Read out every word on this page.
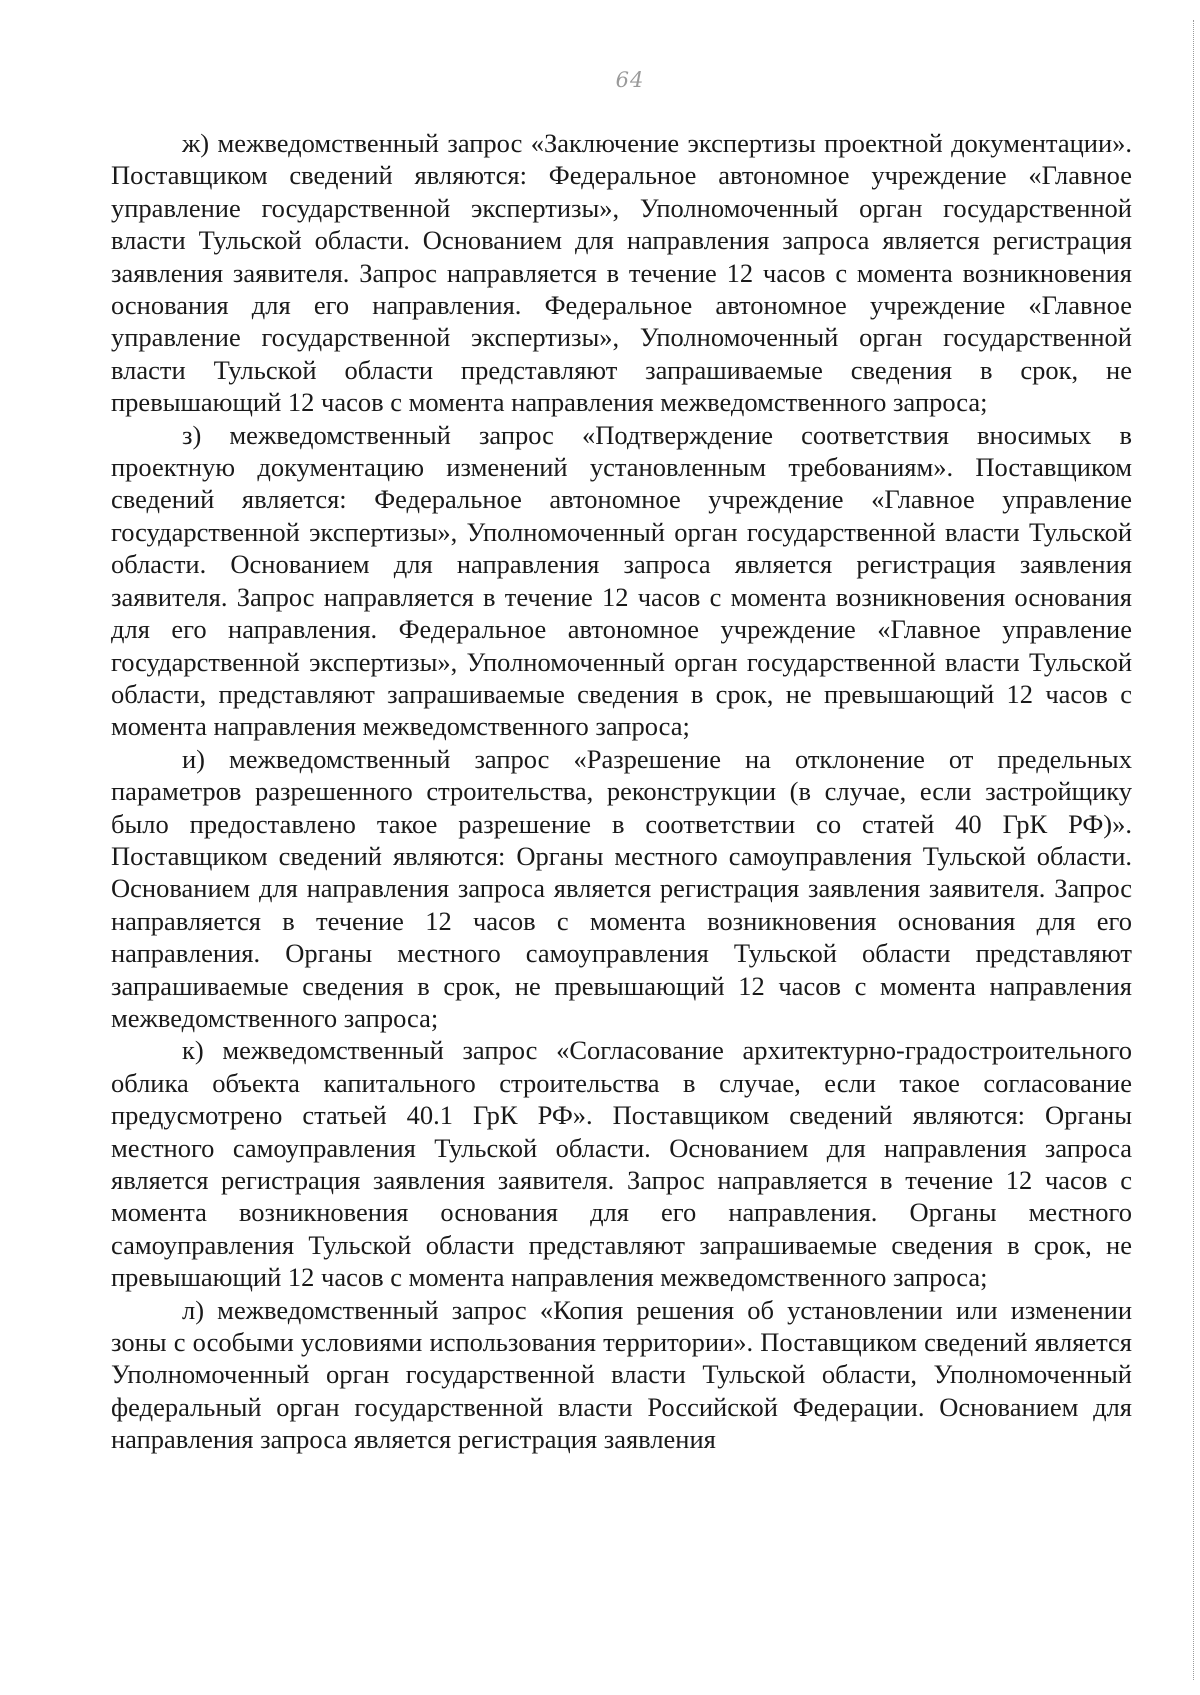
64

ж) межведомственный запрос «Заключение экспертизы проектной документации». Поставщиком сведений являются: Федеральное автономное учреждение «Главное управление государственной экспертизы», Уполномоченный орган государственной власти Тульской области. Основанием для направления запроса является регистрация заявления заявителя. Запрос направляется в течение 12 часов с момента возникновения основания для его направления. Федеральное автономное учреждение «Главное управление государственной экспертизы», Уполномоченный орган государственной власти Тульской области представляют запрашиваемые сведения в срок, не превышающий 12 часов с момента направления межведомственного запроса;

з) межведомственный запрос «Подтверждение соответствия вносимых в проектную документацию изменений установленным требованиям». Поставщиком сведений является: Федеральное автономное учреждение «Главное управление государственной экспертизы», Уполномоченный орган государственной власти Тульской области. Основанием для направления запроса является регистрация заявления заявителя. Запрос направляется в течение 12 часов с момента возникновения основания для его направления. Федеральное автономное учреждение «Главное управление государственной экспертизы», Уполномоченный орган государственной власти Тульской области, представляют запрашиваемые сведения в срок, не превышающий 12 часов с момента направления межведомственного запроса;

и) межведомственный запрос «Разрешение на отклонение от предельных параметров разрешенного строительства, реконструкции (в случае, если застройщику было предоставлено такое разрешение в соответствии со статей 40 ГрК РФ)». Поставщиком сведений являются: Органы местного самоуправления Тульской области. Основанием для направления запроса является регистрация заявления заявителя. Запрос направляется в течение 12 часов с момента возникновения основания для его направления. Органы местного самоуправления Тульской области представляют запрашиваемые сведения в срок, не превышающий 12 часов с момента направления межведомственного запроса;

к) межведомственный запрос «Согласование архитектурно-градостроительного облика объекта капитального строительства в случае, если такое согласование предусмотрено статьей 40.1 ГрК РФ». Поставщиком сведений являются: Органы местного самоуправления Тульской области. Основанием для направления запроса является регистрация заявления заявителя. Запрос направляется в течение 12 часов с момента возникновения основания для его направления. Органы местного самоуправления Тульской области представляют запрашиваемые сведения в срок, не превышающий 12 часов с момента направления межведомственного запроса;

л) межведомственный запрос «Копия решения об установлении или изменении зоны с особыми условиями использования территории». Поставщиком сведений является Уполномоченный орган государственной власти Тульской области, Уполномоченный федеральный орган государственной власти Российской Федерации. Основанием для направления запроса является регистрация заявления
